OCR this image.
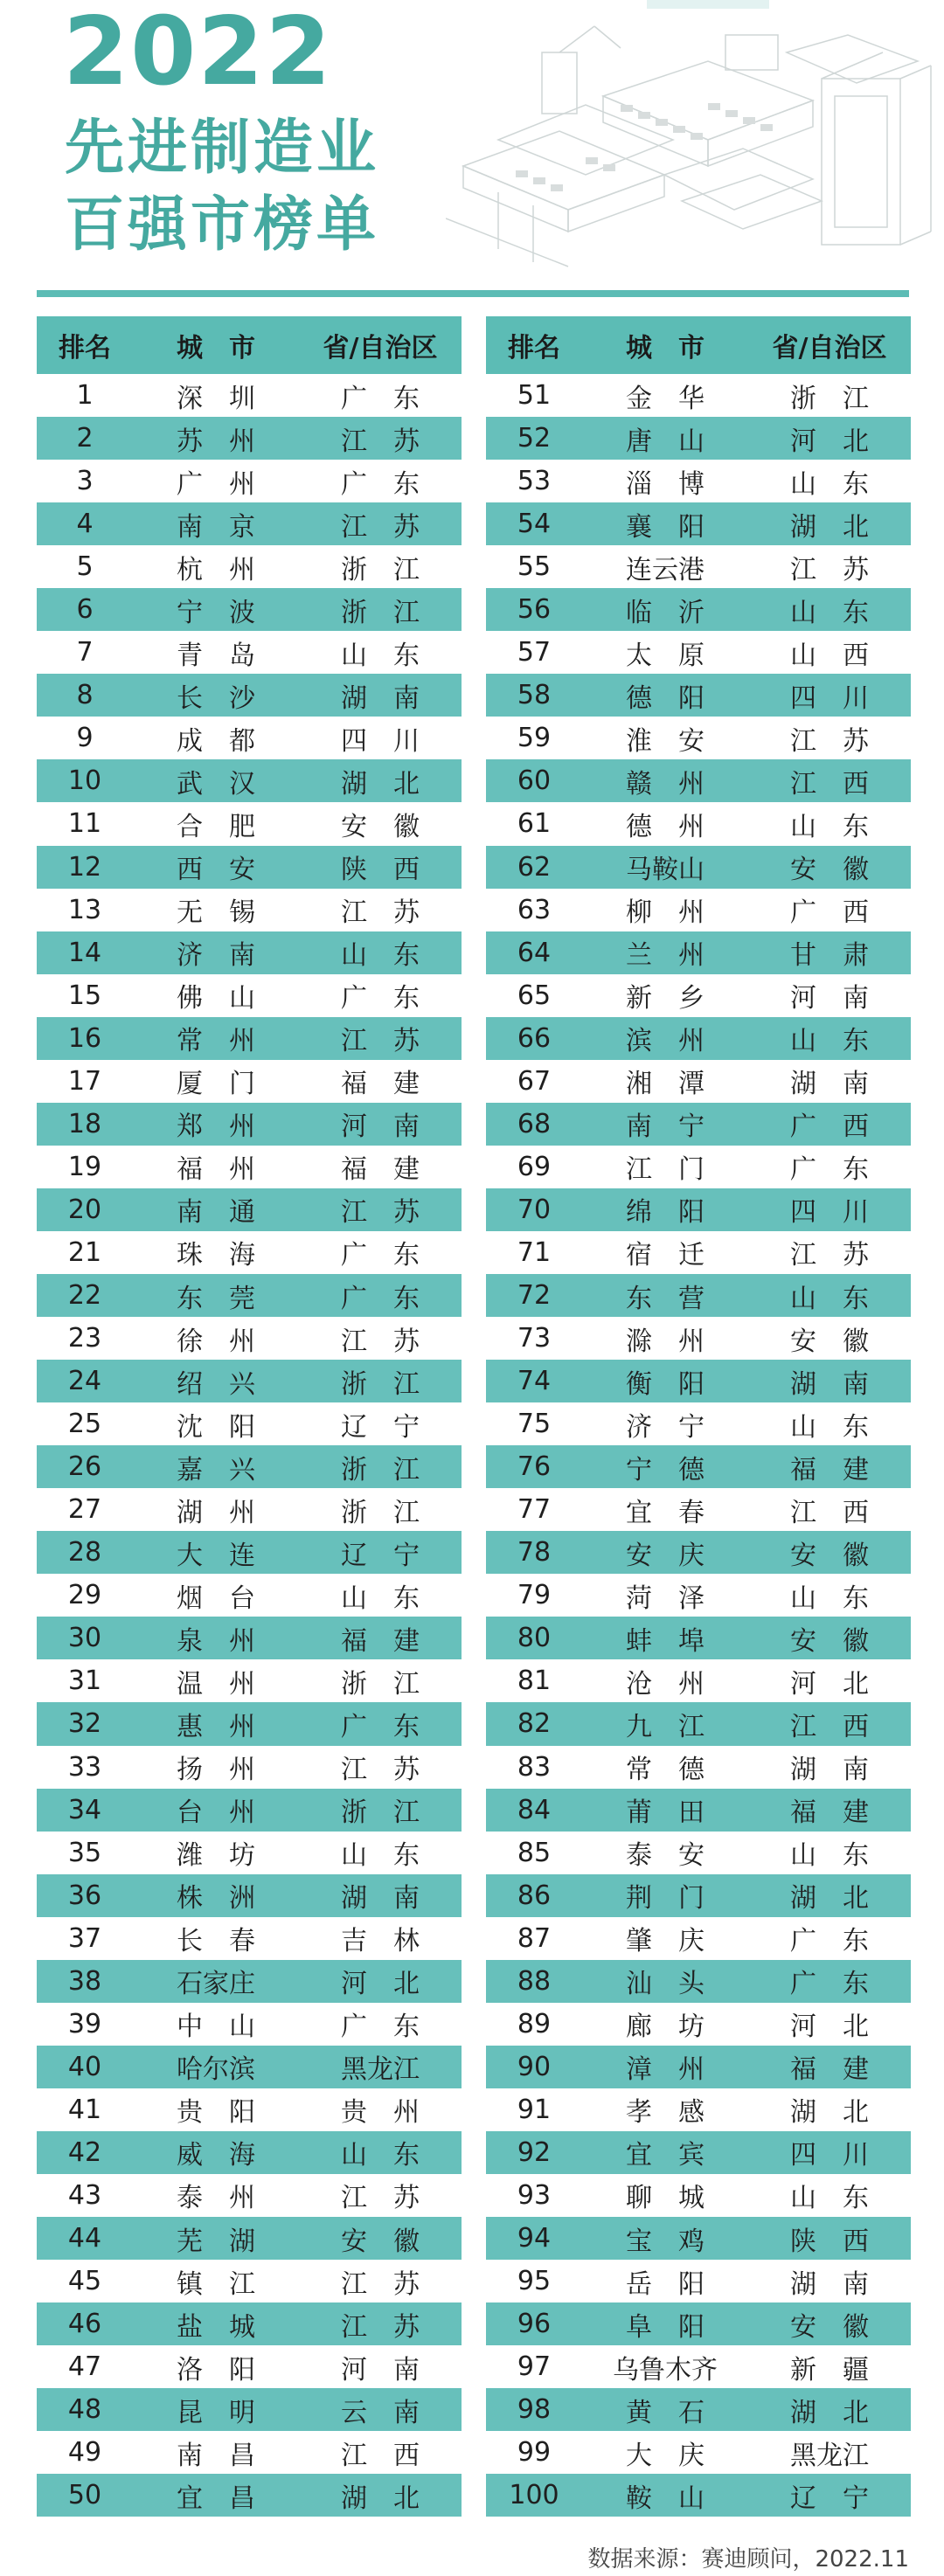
2022
先进制造业
百强市榜单
排名	城　市	省/自治区
1	深　圳	广　东
2	苏　州	江　苏
3	广　州	广　东
4	南　京	江　苏
5	杭　州	浙　江
6	宁　波	浙　江
7	青　岛	山　东
8	长　沙	湖　南
9	成　都	四　川
10	武　汉	湖　北
11	合　肥	安　徽
12	西　安	陕　西
13	无　锡	江　苏
14	济　南	山　东
15	佛　山	广　东
16	常　州	江　苏
17	厦　门	福　建
18	郑　州	河　南
19	福　州	福　建
20	南　通	江　苏
21	珠　海	广　东
22	东　莞	广　东
23	徐　州	江　苏
24	绍　兴	浙　江
25	沈　阳	辽　宁
26	嘉　兴	浙　江
27	湖　州	浙　江
28	大　连	辽　宁
29	烟　台	山　东
30	泉　州	福　建
31	温　州	浙　江
32	惠　州	广　东
33	扬　州	江　苏
34	台　州	浙　江
35	潍　坊	山　东
36	株　洲	湖　南
37	长　春	吉　林
38	石家庄	河　北
39	中　山	广　东
40	哈尔滨	黑龙江
41	贵　阳	贵　州
42	威　海	山　东
43	泰　州	江　苏
44	芜　湖	安　徽
45	镇　江	江　苏
46	盐　城	江　苏
47	洛　阳	河　南
48	昆　明	云　南
49	南　昌	江　西
50	宜　昌	湖　北
排名	城　市	省/自治区
51	金　华	浙　江
52	唐　山	河　北
53	淄　博	山　东
54	襄　阳	湖　北
55	连云港	江　苏
56	临　沂	山　东
57	太　原	山　西
58	德　阳	四　川
59	淮　安	江　苏
60	赣　州	江　西
61	德　州	山　东
62	马鞍山	安　徽
63	柳　州	广　西
64	兰　州	甘　肃
65	新　乡	河　南
66	滨　州	山　东
67	湘　潭	湖　南
68	南　宁	广　西
69	江　门	广　东
70	绵　阳	四　川
71	宿　迁	江　苏
72	东　营	山　东
73	滁　州	安　徽
74	衡　阳	湖　南
75	济　宁	山　东
76	宁　德	福　建
77	宜　春	江　西
78	安　庆	安　徽
79	菏　泽	山　东
80	蚌　埠	安　徽
81	沧　州	河　北
82	九　江	江　西
83	常　德	湖　南
84	莆　田	福　建
85	泰　安	山　东
86	荆　门	湖　北
87	肇　庆	广　东
88	汕　头	广　东
89	廊　坊	河　北
90	漳　州	福　建
91	孝　感	湖　北
92	宜　宾	四　川
93	聊　城	山　东
94	宝　鸡	陕　西
95	岳　阳	湖　南
96	阜　阳	安　徽
97	乌鲁木齐	新　疆
98	黄　石	湖　北
99	大　庆	黑龙江
100	鞍　山	辽　宁
数据来源：赛迪顾问，2022.11
